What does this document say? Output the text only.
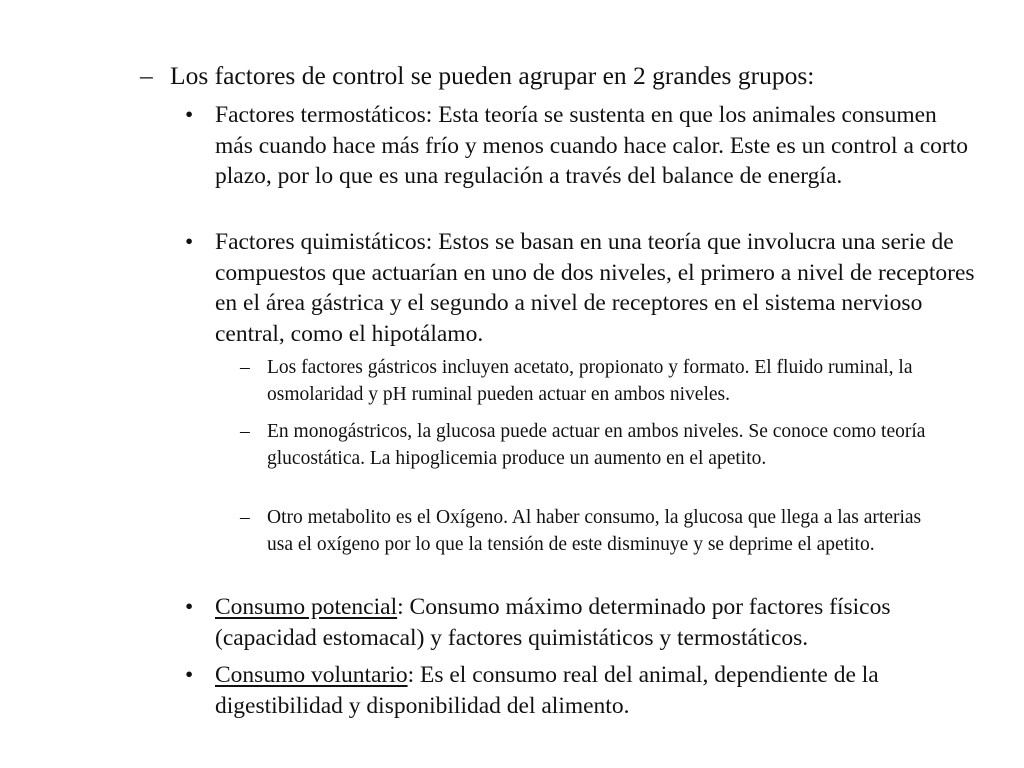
– Los factores de control se pueden agrupar en 2 grandes grupos:
• Factores termostáticos: Esta teoría se sustenta en que los animales consumen más cuando hace más frío y menos cuando hace calor. Este es un control a corto plazo, por lo que es una regulación a través del balance de energía.
• Factores quimistáticos: Estos se basan en una teoría que involucra una serie de compuestos que actuarían en uno de dos niveles, el primero a nivel de receptores en el área gástrica y el segundo a nivel de receptores en el sistema nervioso central, como el hipotálamo.
– Los factores gástricos incluyen acetato, propionato y formato. El fluido ruminal, la osmolaridad y pH ruminal pueden actuar en ambos niveles.
– En monogástricos, la glucosa puede actuar en ambos niveles. Se conoce como teoría glucostática. La hipoglicemia produce un aumento en el apetito.
– Otro metabolito es el Oxígeno. Al haber consumo, la glucosa que llega a las arterias usa el oxígeno por lo que la tensión de este disminuye y se deprime el apetito.
• Consumo potencial: Consumo máximo determinado por factores físicos (capacidad estomacal) y factores quimistáticos y termostáticos.
• Consumo voluntario: Es el consumo real del animal, dependiente de la digestibilidad y disponibilidad del alimento.
